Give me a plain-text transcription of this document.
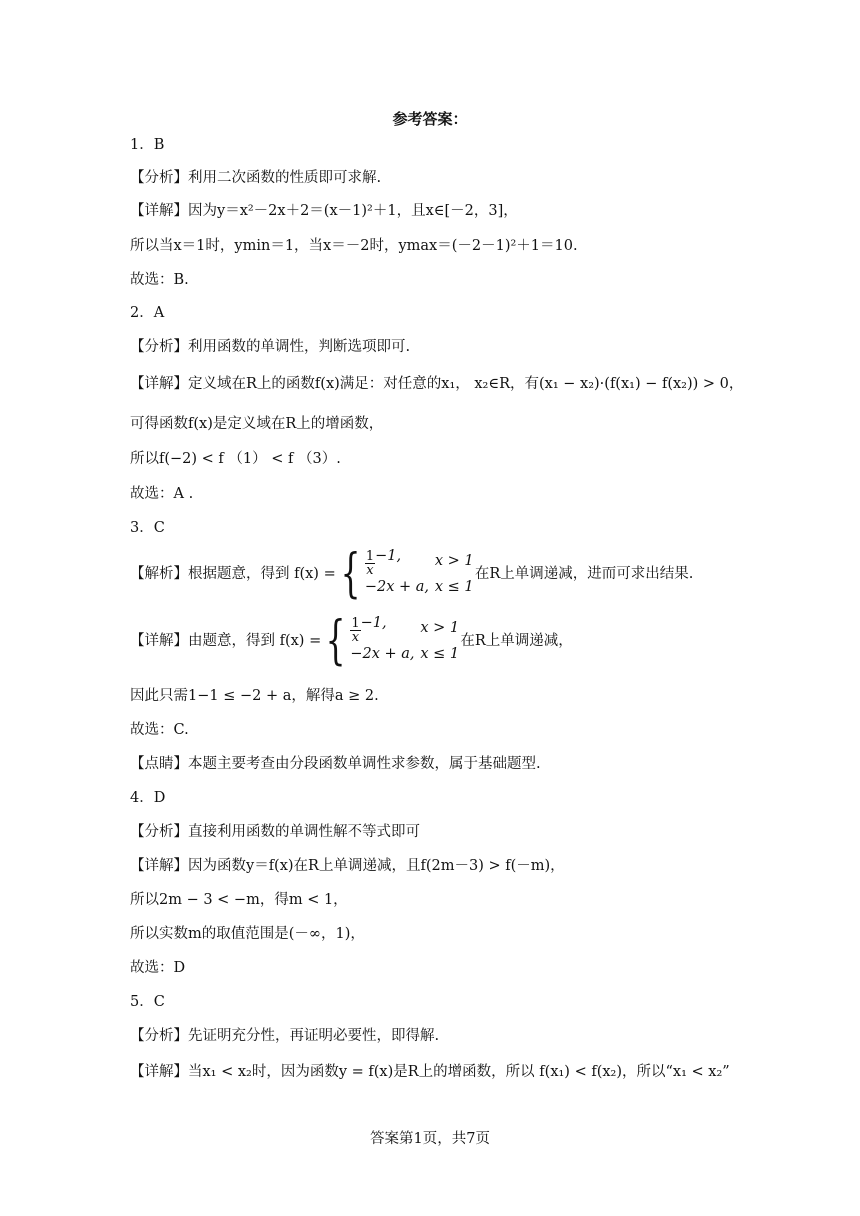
参考答案：
1．B
【分析】利用二次函数的性质即可求解.
【详解】因为y＝x²－2x＋2＝(x－1)²＋1，且x∈[－2，3]，
所以当x＝1时，ymin＝1，当x＝－2时，ymax＝(－2－1)²＋1＝10.
故选：B.
2．A
【分析】利用函数的单调性，判断选项即可.
【详解】定义域在R上的函数f(x)满足：对任意的x₁， x₂∈R，有(x₁ − x₂)·(f(x₁) − f(x₂)) > 0，
可得函数f(x)是定义域在R上的增函数，
所以f(−2) < f （1） < f （3）.
故选：A .
3．C
【解析】根据题意，得到 f(x) = { $\frac{1}{x} -1$,	x > 1
−2x + a, x ≤ 1
在R上单调递减，进而可求出结果.
【详解】由题意，得到 f(x) = { $\frac{1}{x} -1$,	x > 1
−2x + a, x ≤ 1
在R上单调递减，
因此只需1−1 ≤ −2 + a，解得a ≥ 2.
故选：C.
【点睛】本题主要考查由分段函数单调性求参数，属于基础题型.
4．D
【分析】直接利用函数的单调性解不等式即可
【详解】因为函数y＝f(x)在R上单调递减，且f(2m－3) > f(－m)，
所以2m − 3 < −m，得m < 1，
所以实数m的取值范围是(－∞，1)，
故选：D
5．C
【分析】先证明充分性，再证明必要性，即得解.
【详解】当x₁ < x₂时，因为函数y = f(x)是R上的增函数，所以 f(x₁) < f(x₂)，所以“x₁ < x₂”
答案第1页，共7页
